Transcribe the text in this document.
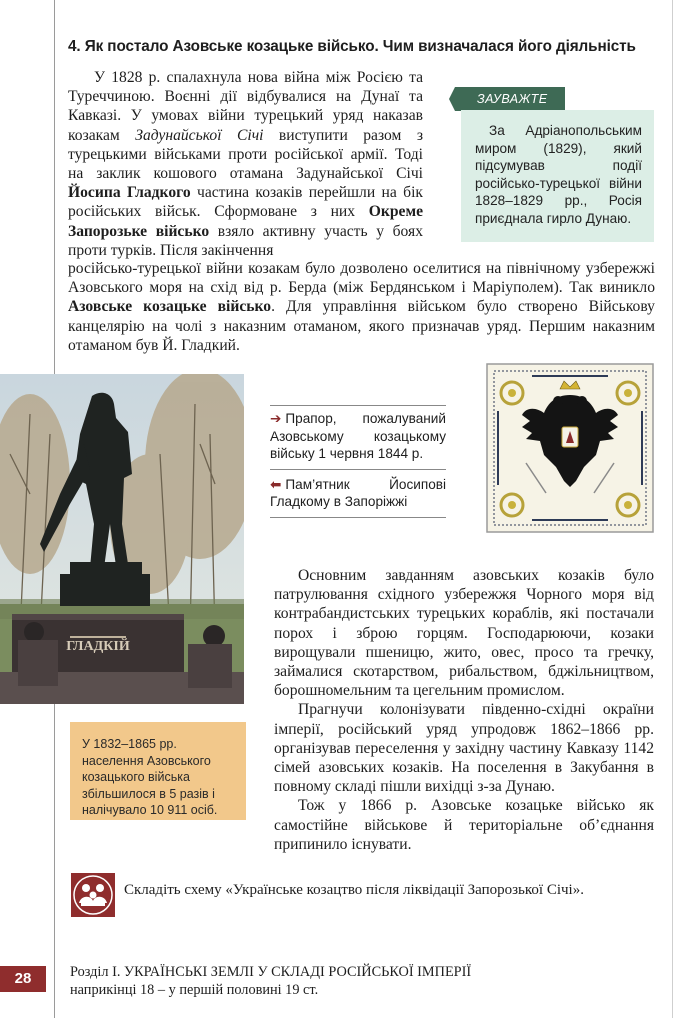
4. Як постало Азовське козацьке військо. Чим визначалася його діяльність
У 1828 р. спалахнула нова війна між Росією та Туреччиною. Воєнні дії відбувалися на Дунаї та Кавказі. У умовах війни турецький уряд наказав козакам Задунайської Січі виступити разом з турецькими військами проти російської армії. Тоді на заклик кошового отамана Задунайської Січі Йосипа Гладкого частина козаків перейшли на бік російських військ. Сформоване з них Окреме Запорозьке військо взяло активну участь у боях проти турків. Після закінчення
російсько-турецької війни козакам було дозволено оселитися на північному узбережжі Азовського моря на схід від р. Берда (між Бердянськом і Маріуполем). Так виникло Азовське козацьке військо. Для управління військом було створено Військову канцелярію на чолі з наказним отаманом, якого призначав уряд. Першим наказним отаманом був Й. Гладкий.
ЗАУВАЖТЕ
За Адріанопольським миром (1829), який підсумував події російсько-турецької війни 1828–1829 рр., Росія приєднала гирло Дунаю.
ГЛАДКІЙ
➔ Прапор, пожалуваний Азовському козацькому війську 1 червня 1844 р.
⬅ Пам’ятник Йосипові Гладкому в Запоріжжі

Основним завданням азовських козаків було патрулювання східного узбережжя Чорного моря від контрабандистських турецьких кораблів, які постачали порох і зброю горцям. Господарюючи, козаки вирощували пшеницю, жито, овес, просо та гречку, займалися скотарством, рибальством, бджільництвом, борошномельним та цегельним промислом.

Прагнучи колонізувати південно-східні окраїни імперії, російський уряд упродовж 1862–1866 рр. організував переселення у західну частину Кавказу 1142 сімей азовських козаків. На поселення в Закубання в повному складі пішли вихідці з-за Дунаю.

Тож у 1866 р. Азовське козацьке військо як самостійне військове й територіальне об’єднання припинило існувати.

У 1832–1865 рр. населення Азовського козацького війська збільшилося в 5 разів і налічувало 10 911 осіб.
Складіть схему «Українське козацтво після ліквідації Запорозької Січі».
28	Розділ І. УКРАЇНСЬКІ ЗЕМЛІ У СКЛАДІ РОСІЙСЬКОЇ ІМПЕРІЇ
наприкінці 18 – у першій половині 19 ст.
